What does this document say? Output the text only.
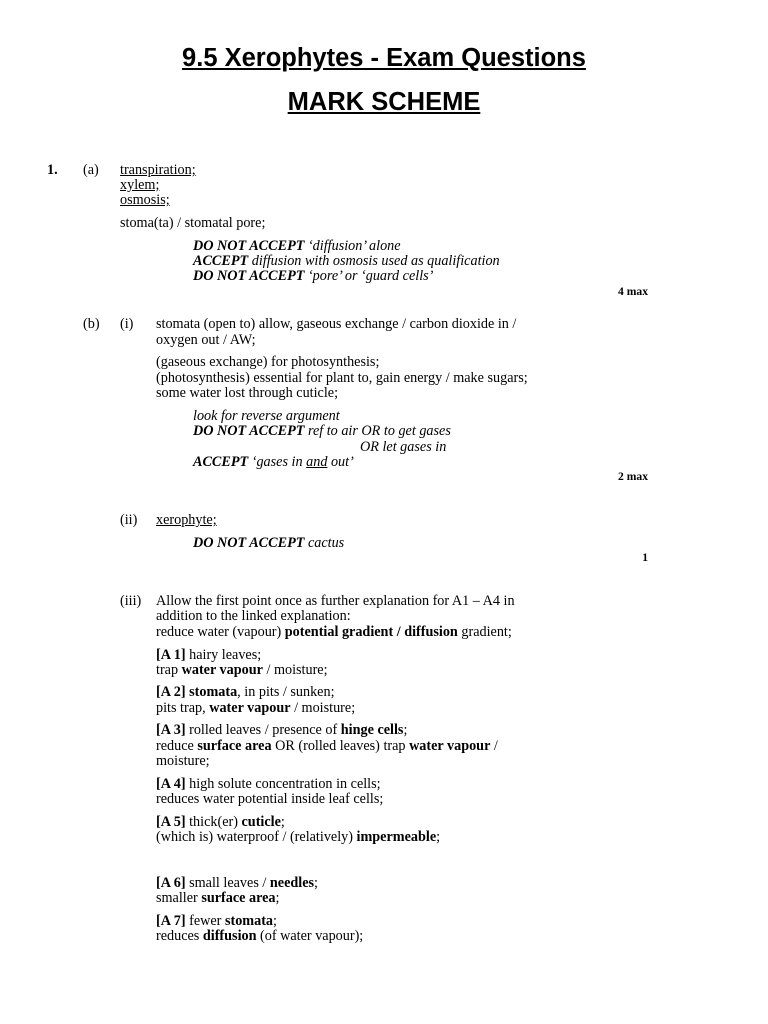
9.5 Xerophytes - Exam Questions
MARK SCHEME
1. (a) transpiration;
xylem;
osmosis;
stoma(ta) / stomatal pore;
DO NOT ACCEPT ‘diffusion’ alone
ACCEPT diffusion with osmosis used as qualification
DO NOT ACCEPT ‘pore’ or ‘guard cells’
4 max
(b) (i) stomata (open to) allow, gaseous exchange / carbon dioxide in /
oxygen out / AW;
(gaseous exchange) for photosynthesis;
(photosynthesis) essential for plant to, gain energy / make sugars;
some water lost through cuticle;
look for reverse argument
DO NOT ACCEPT ref to air OR to get gases
OR let gases in
ACCEPT ‘gases in and out’
2 max
(ii) xerophyte;
DO NOT ACCEPT cactus
1
(iii) Allow the first point once as further explanation for A1 – A4 in
addition to the linked explanation:
reduce water (vapour) potential gradient / diffusion gradient;
[A 1] hairy leaves;
trap water vapour / moisture;
[A 2] stomata, in pits / sunken;
pits trap, water vapour / moisture;
[A 3] rolled leaves / presence of hinge cells;
reduce surface area OR (rolled leaves) trap water vapour /
moisture;
[A 4] high solute concentration in cells;
reduces water potential inside leaf cells;
[A 5] thick(er) cuticle;
(which is) waterproof / (relatively) impermeable;
[A 6] small leaves / needles;
smaller surface area;
[A 7] fewer stomata;
reduces diffusion (of water vapour);
